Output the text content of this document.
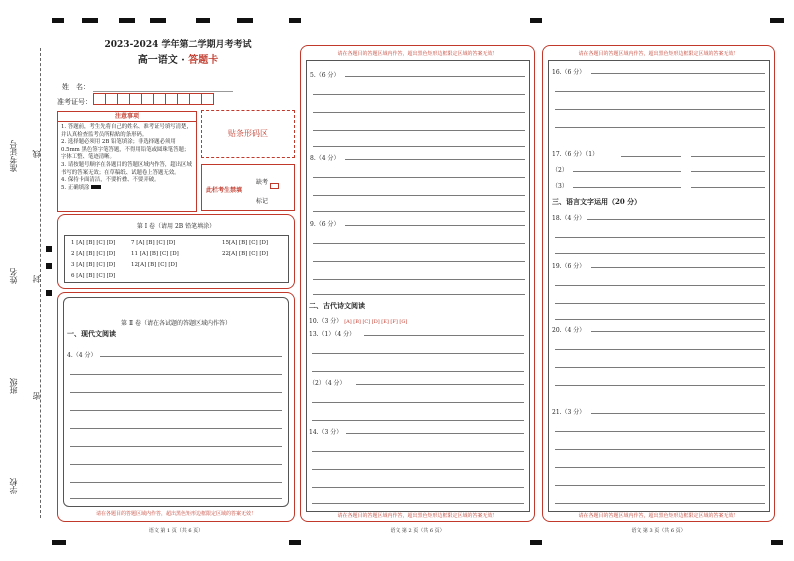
准考证号
姓名
班级
学校
线
封
密
2023-2024 学年第二学期月考考试
高一语文 · 答题卡
姓　名：
准考证号：
注意事项

1. 答题前，考生先将自己的姓名、准考证号填写清楚，并认真检查监考员所粘贴的条形码。

2. 选择题必须用 2B 铅笔填涂；非选择题必须用 0.5mm 黑色签字笔答题，不得用铅笔或圆珠笔答题；字体工整、笔迹清晰。

3. 请按题号顺序在各题目的答题区域内作答，超出区域书写的答案无效；在草稿纸、试题卷上答题无效。

4. 保持卡面清洁，不要折叠、不要弄破。

5. 正确填涂

贴条形码区
此栏考生禁填
缺考
标记
第 Ⅰ 卷（请用 2B 铅笔填涂）
1 [A] [B] [C] [D]	7 [A] [B] [C] [D]	15[A] [B] [C] [D]
2 [A] [B] [C] [D]	11 [A] [B] [C] [D]	22[A] [B] [C] [D]
3 [A] [B] [C] [D]	12[A] [B] [C] [D]
6 [A] [B] [C] [D]
第 Ⅱ 卷（请在各试题的答题区域内作答）
一、现代文阅读
4.（4 分）
请在各题目的答题区域内作答，超出黑色矩形边框限定区域的答案无效！
语文 第 1 页（共 6 页）
请在各题目的答题区域内作答，超出黑色矩形边框限定区域的答案无效！
5.（6 分）
8.（4 分）
9.（6 分）
二、古代诗文阅读
10.（3 分） [A] [B] [C] [D] [E] [F] [G]
13.（1）（4 分）
（2）（4 分）
14.（3 分）
请在各题目的答题区域内作答，超出黑色矩形边框限定区域的答案无效！
语文 第 2 页（共 6 页）
请在各题目的答题区域内作答，超出黑色矩形边框限定区域的答案无效！
16.（6 分）
17.（6 分）（1）
（2）
（3）
三、语言文字运用（20 分）
18.（4 分）
19.（6 分）
20.（4 分）
21.（3 分）
请在各题目的答题区域内作答，超出黑色矩形边框限定区域的答案无效！
语文 第 3 页（共 6 页）
